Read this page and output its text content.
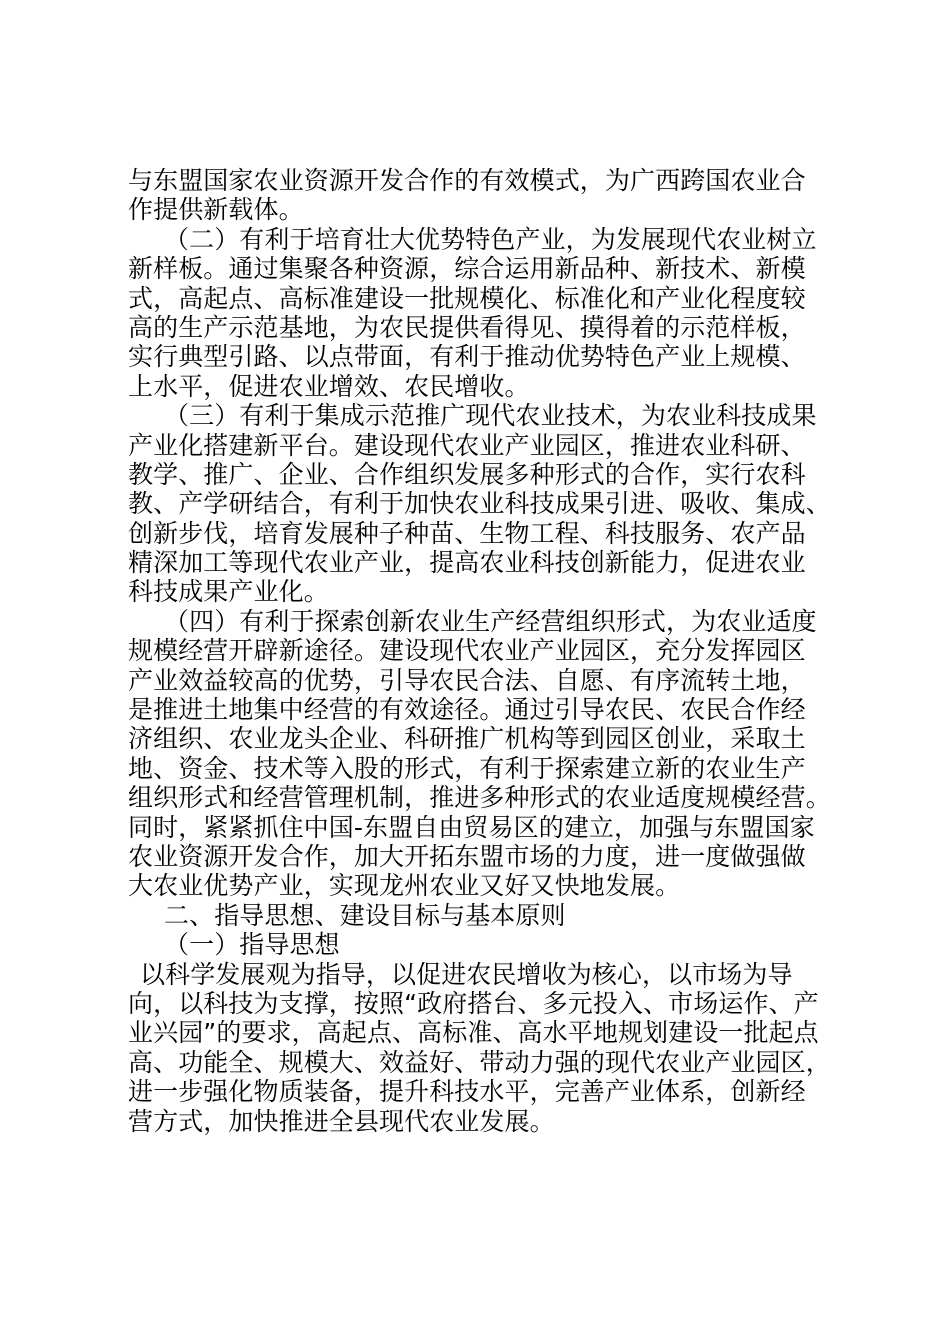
与东盟国家农业资源开发合作的有效模式，为广西跨国农业合
作提供新载体。
（二）有利于培育壮大优势特色产业，为发展现代农业树立
新样板。通过集聚各种资源，综合运用新品种、新技术、新模
式，高起点、高标准建设一批规模化、标准化和产业化程度较
高的生产示范基地，为农民提供看得见、摸得着的示范样板，
实行典型引路、以点带面，有利于推动优势特色产业上规模、
上水平，促进农业增效、农民增收。
（三）有利于集成示范推广现代农业技术，为农业科技成果
产业化搭建新平台。建设现代农业产业园区，推进农业科研、
教学、推广、企业、合作组织发展多种形式的合作，实行农科
教、产学研结合，有利于加快农业科技成果引进、吸收、集成、
创新步伐，培育发展种子种苗、生物工程、科技服务、农产品
精深加工等现代农业产业，提高农业科技创新能力，促进农业
科技成果产业化。
（四）有利于探索创新农业生产经营组织形式，为农业适度
规模经营开辟新途径。建设现代农业产业园区，充分发挥园区
产业效益较高的优势，引导农民合法、自愿、有序流转土地，
是推进土地集中经营的有效途径。通过引导农民、农民合作经
济组织、农业龙头企业、科研推广机构等到园区创业，采取土
地、资金、技术等入股的形式，有利于探索建立新的农业生产
组织形式和经营管理机制，推进多种形式的农业适度规模经营。
同时，紧紧抓住中国-东盟自由贸易区的建立，加强与东盟国家
农业资源开发合作，加大开拓东盟市场的力度，进一度做强做
大农业优势产业，实现龙州农业又好又快地发展。
二、指导思想、建设目标与基本原则
（一）指导思想
以科学发展观为指导，以促进农民增收为核心，以市场为导
向，以科技为支撑，按照“政府搭台、多元投入、市场运作、产
业兴园”的要求，高起点、高标准、高水平地规划建设一批起点
高、功能全、规模大、效益好、带动力强的现代农业产业园区，
进一步强化物质装备，提升科技水平，完善产业体系，创新经
营方式，加快推进全县现代农业发展。
